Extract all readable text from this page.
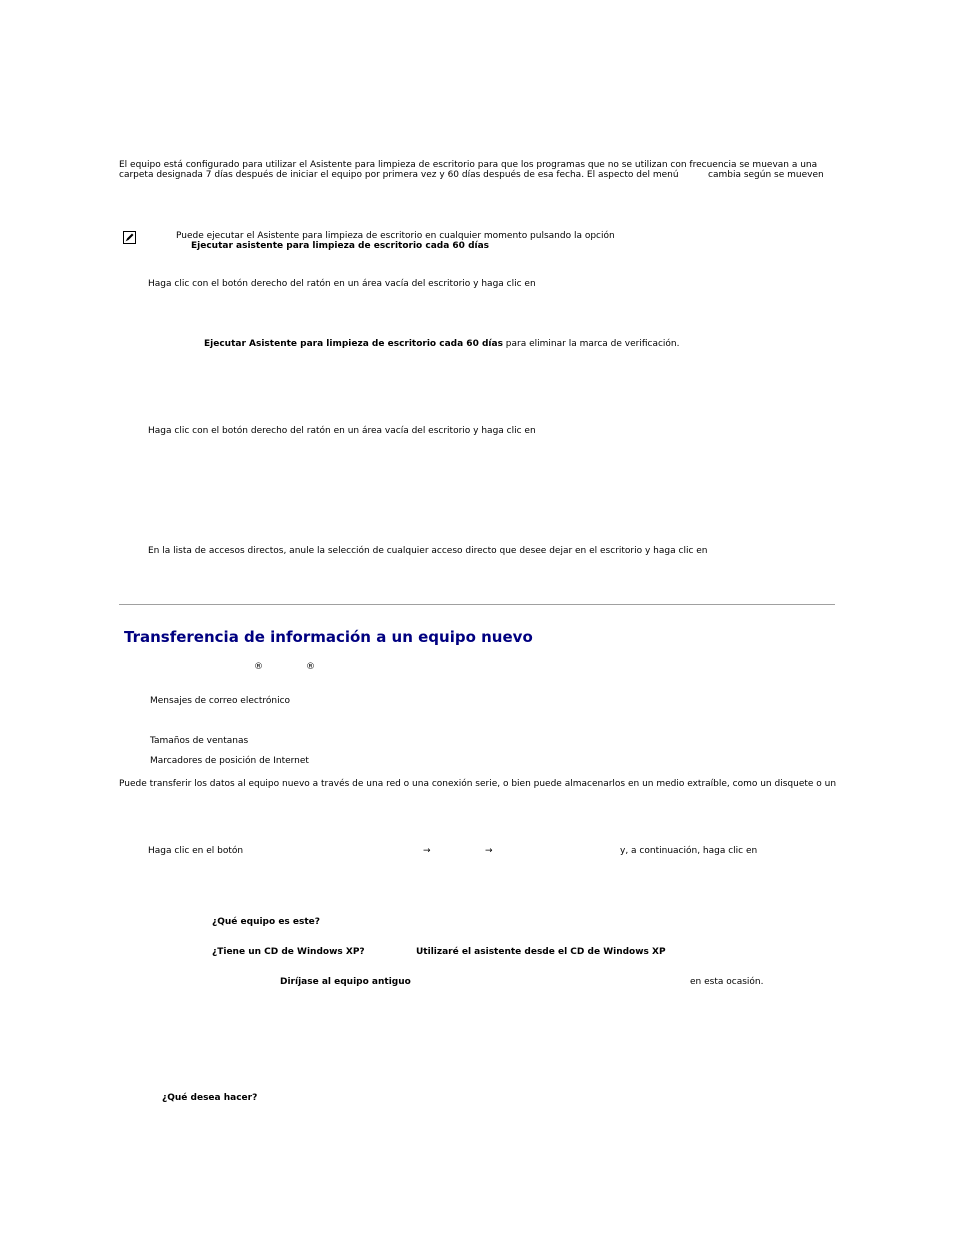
El equipo está configurado para utilizar el Asistente para limpieza de escritorio para que los programas que no se utilizan con frecuencia se muevan a una
carpeta designada 7 días después de iniciar el equipo por primera vez y 60 días después de esa fecha. El aspecto del menú	cambia según se mueven
Puede ejecutar el Asistente para limpieza de escritorio en cualquier momento pulsando la opción
Ejecutar asistente para limpieza de escritorio cada 60 días
Haga clic con el botón derecho del ratón en un área vacía del escritorio y haga clic en
Ejecutar Asistente para limpieza de escritorio cada 60 días para eliminar la marca de verificación.
Haga clic con el botón derecho del ratón en un área vacía del escritorio y haga clic en
En la lista de accesos directos, anule la selección de cualquier acceso directo que desee dejar en el escritorio y haga clic en
Transferencia de información a un equipo nuevo
®	®
Mensajes de correo electrónico
Tamaños de ventanas
Marcadores de posición de Internet
Puede transferir los datos al equipo nuevo a través de una red o una conexión serie, o bien puede almacenarlos en un medio extraíble, como un disquete o un
Haga clic en el botón	→	→	y, a continuación, haga clic en
¿Qué equipo es este?
¿Tiene un CD de Windows XP?	Utilizaré el asistente desde el CD de Windows XP
Diríjase al equipo antiguo	en esta ocasión.
¿Qué desea hacer?
